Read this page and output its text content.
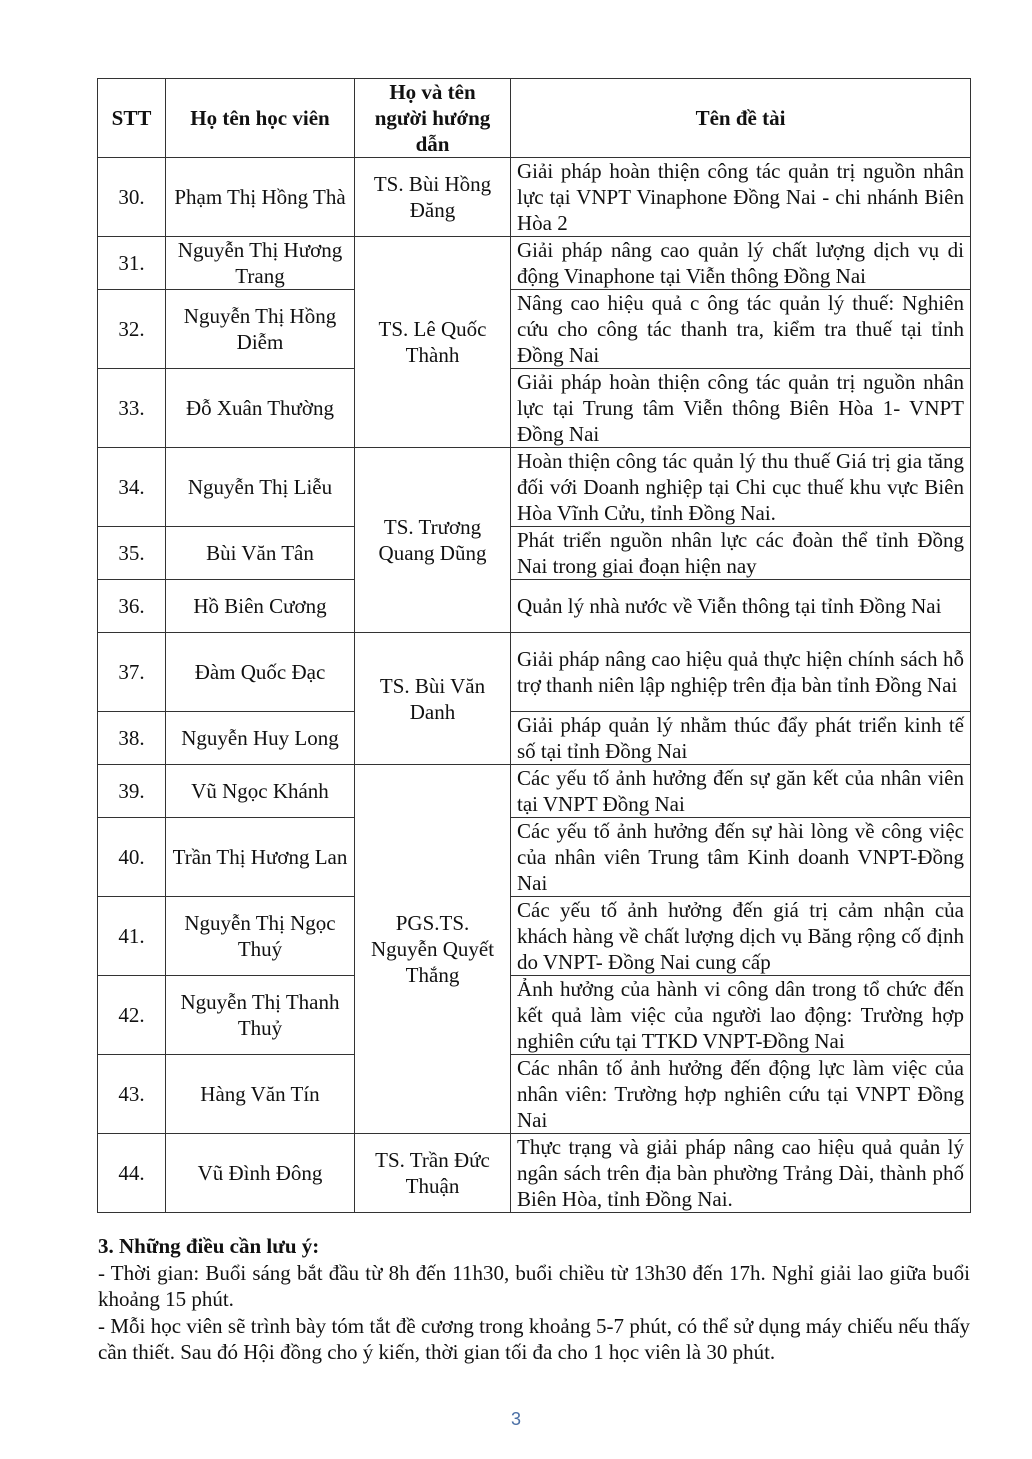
STT	Họ tên học viên	Họ và tên người hướng dẫn	Tên đề tài
30.	Phạm Thị Hồng Thà	TS. Bùi Hồng Đăng	Giải pháp hoàn thiện công tác quản trị nguồn nhân lực tại VNPT Vinaphone Đồng Nai - chi nhánh Biên Hòa 2
31.	Nguyễn Thị Hương Trang	TS. Lê Quốc Thành	Giải pháp nâng cao quản lý chất lượng dịch vụ di động Vinaphone tại Viễn thông Đồng Nai
32.	Nguyễn Thị Hồng Diễm		Nâng cao hiệu quả c ông tác quản lý thuế: Nghiên cứu cho công tác thanh tra, kiểm tra thuế tại tỉnh Đồng Nai
33.	Đỗ Xuân Thường		Giải pháp hoàn thiện công tác quản trị nguồn nhân lực tại Trung tâm Viễn thông Biên Hòa 1- VNPT Đồng Nai
34.	Nguyễn Thị Liễu	TS. Trương Quang Dũng	Hoàn thiện công tác quản lý thu thuế Giá trị gia tăng đối với Doanh nghiệp tại Chi cục thuế khu vực Biên Hòa Vĩnh Cửu, tỉnh Đồng Nai.
35.	Bùi Văn Tân		Phát triển nguồn nhân lực các đoàn thể tỉnh Đồng Nai trong giai đoạn hiện nay
36.	Hồ Biên Cương		Quản lý nhà nước về Viễn thông tại tỉnh Đồng Nai
37.	Đàm Quốc Đạc	TS. Bùi Văn Danh	Giải pháp nâng cao hiệu quả thực hiện chính sách hỗ trợ thanh niên lập nghiệp trên địa bàn tỉnh Đồng Nai
38.	Nguyễn Huy Long		Giải pháp quản lý nhằm thúc đẩy phát triển kinh tế số tại tỉnh Đồng Nai
39.	Vũ Ngọc Khánh	PGS.TS. Nguyễn Quyết Thắng	Các yếu tố ảnh hưởng đến sự găn kết của nhân viên tại VNPT Đồng Nai
40.	Trần Thị Hương Lan		Các yếu tố ảnh hưởng đến sự hài lòng về công việc của nhân viên Trung tâm Kinh doanh VNPT-Đồng Nai
41.	Nguyễn Thị Ngọc Thuý		Các yếu tố ảnh hưởng đến giá trị cảm nhận của khách hàng về chất lượng dịch vụ Băng rộng cố định do VNPT- Đồng Nai cung cấp
42.	Nguyễn Thị Thanh Thuỷ		Ảnh hưởng của hành vi công dân trong tổ chức đến kết quả làm việc của người lao động: Trường hợp nghiên cứu tại TTKD VNPT-Đồng Nai
43.	Hàng Văn Tín		Các nhân tố ảnh hưởng đến động lực làm việc của nhân viên: Trường hợp nghiên cứu tại VNPT Đồng Nai
44.	Vũ Đình Đông	TS. Trần Đức Thuận	Thực trạng và giải pháp nâng cao hiệu quả quản lý ngân sách trên địa bàn phường Trảng Dài, thành phố Biên Hòa, tỉnh Đồng Nai.
3. Những điều cần lưu ý:

- Thời gian: Buổi sáng bắt đầu từ 8h đến 11h30, buổi chiều từ 13h30 đến 17h. Nghỉ giải lao giữa buổi khoảng 15 phút.

- Mỗi học viên sẽ trình bày tóm tắt đề cương trong khoảng 5-7 phút, có thể sử dụng máy chiếu nếu thấy cần thiết. Sau đó Hội đồng cho ý kiến, thời gian tối đa cho 1 học viên là 30 phút.

3
